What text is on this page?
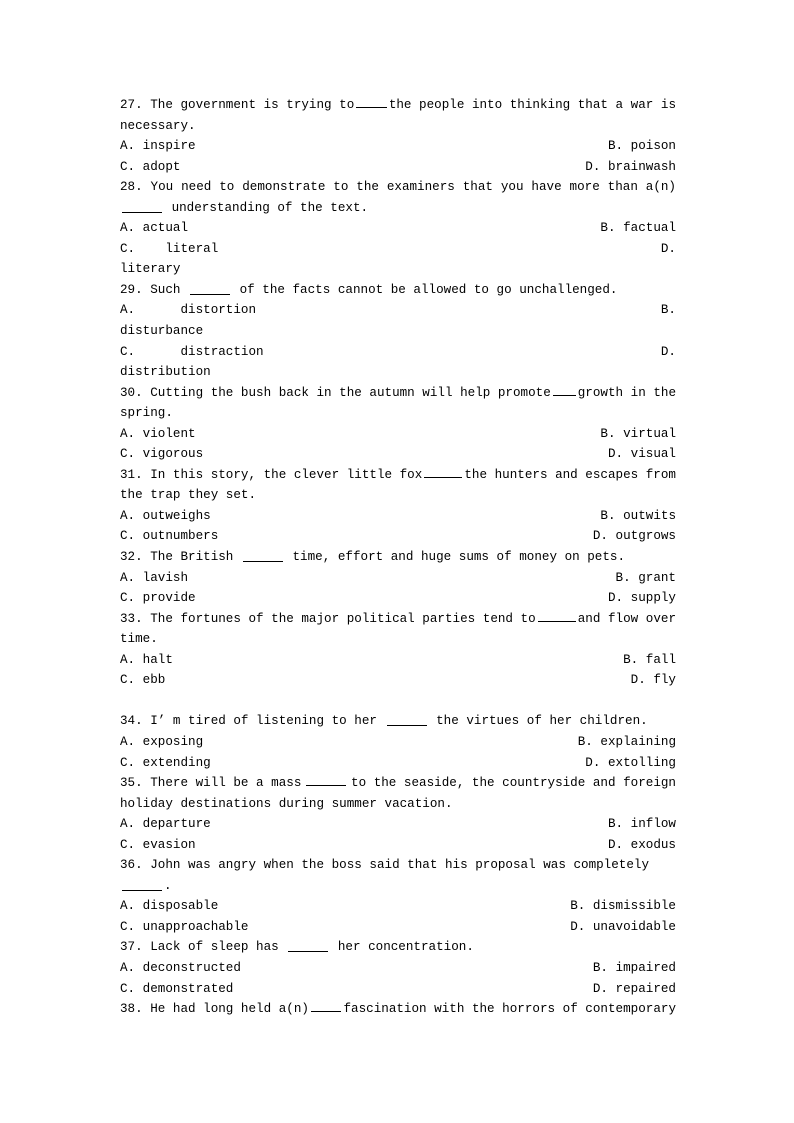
27. The government is trying to	the people into thinking that a war is
necessary.
A. inspire	B. poison
C. adopt	D. brainwash
28. You need to demonstrate to the examiners that you have more than a(n)
understanding of the text.
A. actual	B. factual
C.    literal	D.
literary
29. Such	of the facts cannot be allowed to go unchallenged.
A.      distortion	B.
disturbance
C.      distraction	D.
distribution
30. Cutting the bush back in the autumn will help promote growth in the
spring.
A. violent	B. virtual
C. vigorous	D. visual
31. In this story, the clever little fox	the hunters and escapes from
the trap they set.
A. outweighs	B. outwits
C. outnumbers	D. outgrows
32. The British	time, effort and huge sums of money on pets.
A. lavish	B. grant
C. provide	D. supply
33. The fortunes of the major political parties tend to	and flow over
time.
A. halt	B. fall
C. ebb	D. fly
34. I’ m tired of listening to her	the virtues of her children.
A. exposing	B. explaining
C. extending	D. extolling
35. There will be a mass	to the seaside, the countryside and foreign
holiday destinations during summer vacation.
A. departure	B. inflow
C. evasion	D. exodus
36. John was angry when the boss said that his proposal was completely .
A. disposable	B. dismissible
C. unapproachable	D. unavoidable
37. Lack of sleep has	her concentration.
A. deconstructed	B. impaired
C. demonstrated	D. repaired
38. He had long held a(n)	fascination with the horrors of contemporary
